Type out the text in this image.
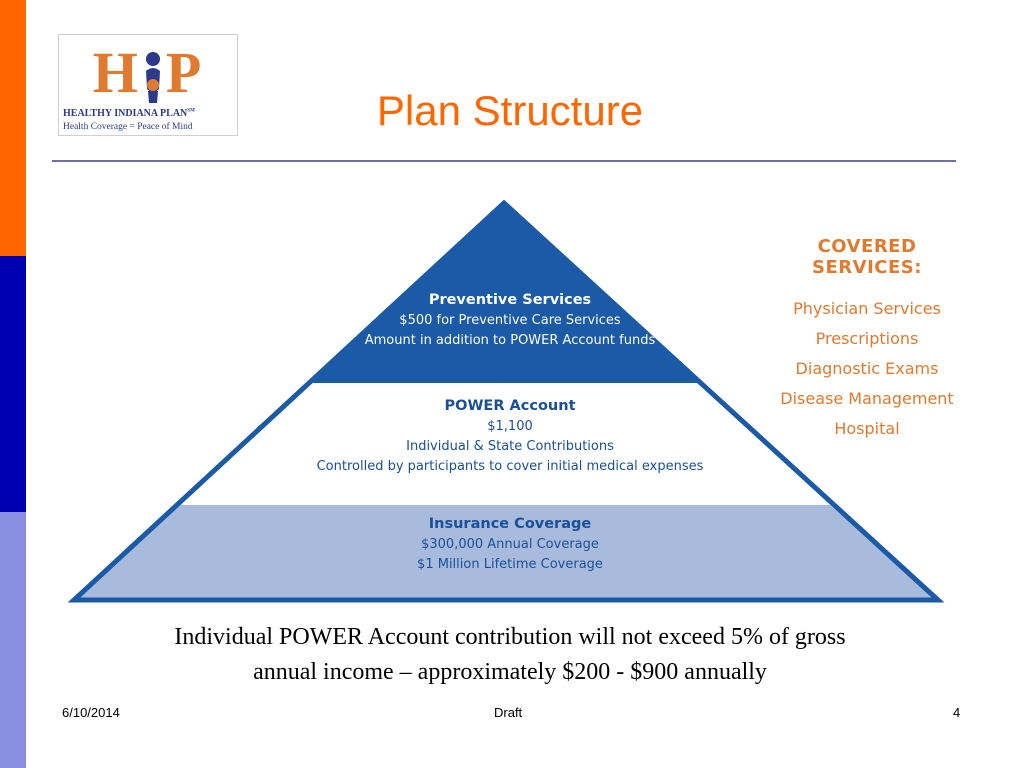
H P
HEALTHY INDIANA PLAN℠
Health Coverage = Peace of Mind	Plan Structure
Preventive Services
$500 for Preventive Care Services
Amount in addition to POWER Account funds
POWER Account
$1,100
Individual & State Contributions
Controlled by participants to cover initial medical expenses
Insurance Coverage
$300,000 Annual Coverage
$1 Million Lifetime Coverage
COVERED SERVICES:
Physician Services
Prescriptions
Diagnostic Exams
Disease Management
Hospital
Individual POWER Account contribution will not exceed 5% of gross
annual income – approximately $200 - $900 annually
6/10/2014	Draft	4
